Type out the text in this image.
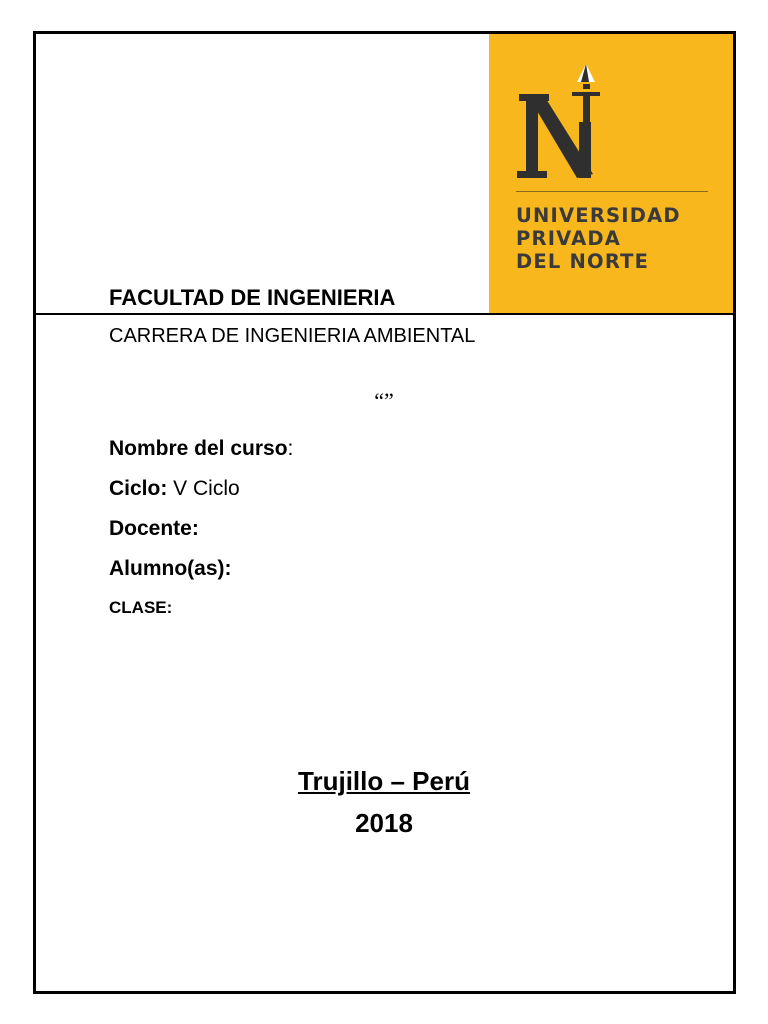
UNIVERSIDAD
PRIVADA
DEL NORTE
FACULTAD DE INGENIERIA
CARRERA DE INGENIERIA AMBIENTAL
“”
Nombre del curso:
Ciclo: V Ciclo
Docente:
Alumno(as):
CLASE:
Trujillo – Perú
2018
